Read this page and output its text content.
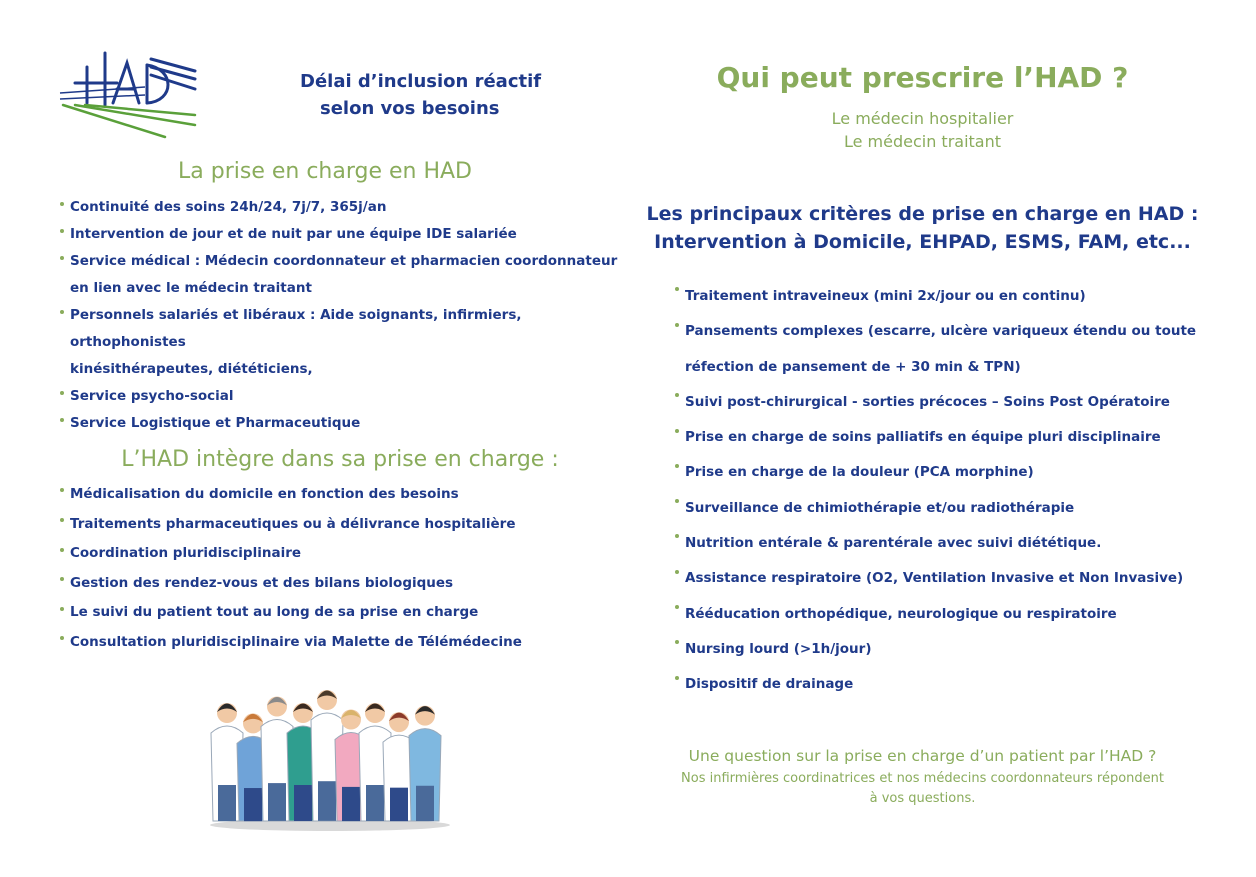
Délai d’inclusion réactif
selon vos besoins
La prise en charge en HAD
Continuité des soins 24h/24, 7j/7, 365j/an
Intervention de jour et de nuit par une équipe IDE salariée
Service médical : Médecin coordonnateur et pharmacien coordonnateur
en lien avec le médecin traitant
Personnels salariés et libéraux : Aide soignants, infirmiers, orthophonistes
kinésithérapeutes, diététiciens,
Service psycho-social
Service Logistique et Pharmaceutique
L’HAD intègre dans sa prise en charge :
Médicalisation du domicile en fonction des besoins
Traitements pharmaceutiques ou à délivrance hospitalière
Coordination pluridisciplinaire
Gestion des rendez-vous et des bilans biologiques
Le suivi du patient tout au long de sa prise en charge
Consultation pluridisciplinaire via Malette de Télémédecine
Qui peut prescrire l’HAD ?
Le médecin hospitalier
Le médecin traitant
Les principaux critères de prise en charge en HAD :
Intervention à Domicile, EHPAD, ESMS, FAM, etc...
Traitement intraveineux (mini 2x/jour ou en continu)
Pansements complexes (escarre, ulcère variqueux étendu ou toute
réfection de pansement de + 30 min & TPN)
Suivi post-chirurgical - sorties précoces – Soins Post Opératoire
Prise en charge de soins palliatifs en équipe pluri disciplinaire
Prise en charge de la douleur (PCA morphine)
Surveillance de chimiothérapie et/ou radiothérapie
Nutrition entérale & parentérale avec suivi diététique.
Assistance respiratoire (O2, Ventilation Invasive et Non Invasive)
Rééducation orthopédique, neurologique ou respiratoire
Nursing lourd (>1h/jour)
Dispositif de drainage
Une question sur la prise en charge d’un patient par l’HAD ?
Nos infirmières coordinatrices et nos médecins coordonnateurs répondent
à vos questions.
